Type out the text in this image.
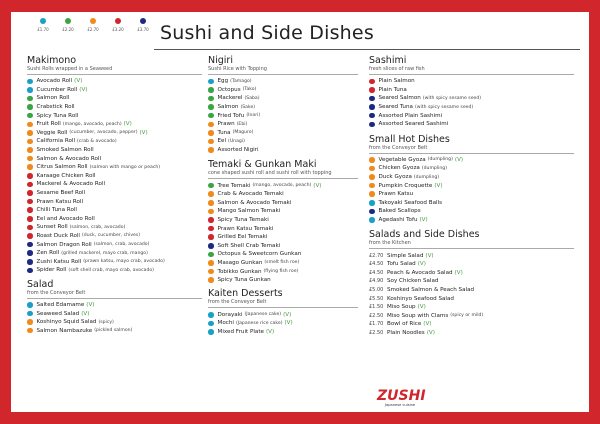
£1.70	£2.20	£2.70	£3.20	£3.70 Sushi and Side Dishes
Makimono
Sushi Rolls wrapped in a Seaweed
Avocado Roll (V)
Cucumber Roll (V)
Salmon Roll
Crabstick Roll
Spicy Tuna Roll
Fruit Roll (mango, avocado, peach) (V)
Veggie Roll (cucumber, avocado, pepper) (V)
California Roll (crab & avocado)
Smoked Salmon Roll
Salmon & Avocado Roll
Citrus Salmon Roll (salmon with mango or peach)
Karaage Chicken Roll
Mackerel & Avocado Roll
Sesame Beef Roll
Prawn Katsu Roll
Chilli Tuna Roll
Eel and Avocado Roll
Sunset Roll (salmon, crab, avocado)
Roast Duck Roll (duck, cucumber, chives)
Salmon Dragon Roll (salmon, crab, avocado)
Zen Roll (grilled mackerel, mayo crab, mango)
Zushi Katsu Roll (prawn katsu, mayo crab, avocado)
Spider Roll (soft shell crab, mayo crab, avocado)
Salad
from the Conveyor Belt
Salted Edamame (V)
Seaweed Salad (V)
Koshinyo Squid Salad (spicy)
Salmon Nambazuke (pickled salmon)
Nigiri
Sushi Rice with Topping
Egg (Tamago)
Octopus (Tako)
Mackerel (Saba)
Salmon (Sake)
Fried Tofu (Inari)
Prawn (Ebi)
Tuna (Maguro)
Eel (Unagi)
Assorted Nigiri
Temaki & Gunkan Maki
cone shaped sushi roll and sushi roll with topping
Tree Temaki (mango, avocado, peach) (V)
Crab & Avocado Temaki
Salmon & Avocado Temaki
Mango Salmon Temaki
Spicy Tuna Temaki
Prawn Katsu Temaki
Grilled Eel Temaki
Soft Shell Crab Temaki
Octopus & Sweetcorn Gunkan
Masago Gunkan (smelt fish roe)
Tobikko Gunkan (flying fish roe)
Spicy Tuna Gunkan
Kaiten Desserts
from the Conveyor Belt
Dorayaki (Japanese cake) (V)
Mochi (Japanese rice cake) (V)
Mixed Fruit Plate (V)
Sashimi
fresh slices of raw fish
Plain Salmon
Plain Tuna
Seared Salmon (with spicy sesame seed)
Seared Tuna (with spicy sesame seed)
Assorted Plain Sashimi
Assorted Seared Sashimi
Small Hot Dishes
from the Conveyor Belt
Vegetable Gyoza (dumpling) (V)
Chicken Gyoza (dumpling)
Duck Gyoza (dumpling)
Pumpkin Croquette (V)
Prawn Katsu
Takoyaki Seafood Balls
Baked Scallops
Agedashi Tofu (V)
Salads and Side Dishes
from the Kitchen
£2.70 Simple Salad (V)
£4.50 Tofu Salad (V)
£4.50 Peach & Avocado Salad (V)
£4.90 Soy Chicken Salad
£5.00 Smoked Salmon & Peach Salad
£5.50 Koshinyo Seafood Salad
£1.50 Miso Soup (V)
£2.50 Miso Soup with Clams (spicy or mild)
£1.70 Bowl of Rice (V)
£2.50 Plain Noodles (V)
ZUSHI
Japanese cuisine
